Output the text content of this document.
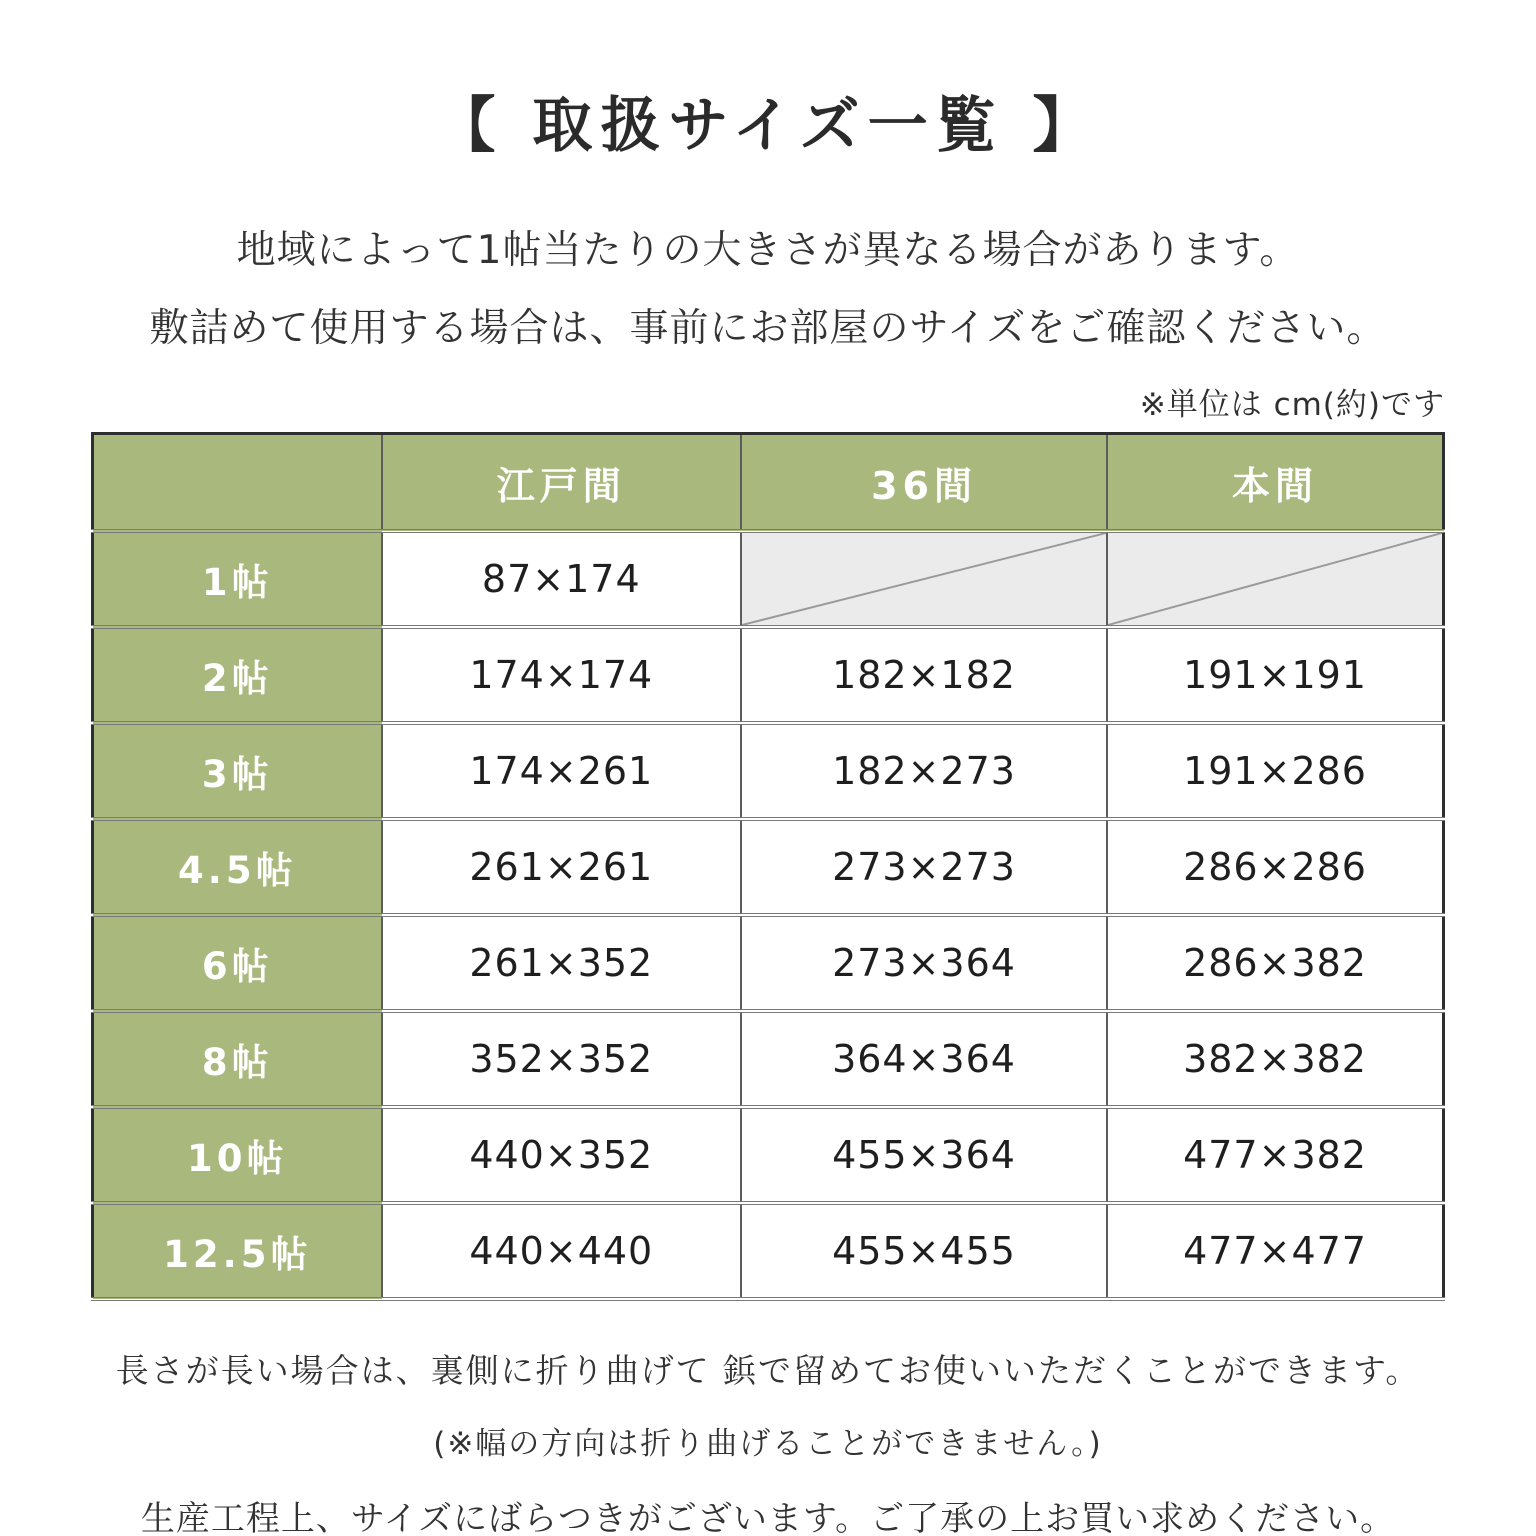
【 取扱サイズ一覧 】
地域によって1帖当たりの大きさが異なる場合があります。
敷詰めて使用する場合は、事前にお部屋のサイズをご確認ください。
※単位は cm(約)です
	江戸間	36間	本間
1帖	87×174	

2帖	174×174	182×182	191×191
3帖	174×261	182×273	191×286
4.5帖	261×261	273×273	286×286
6帖	261×352	273×364	286×382
8帖	352×352	364×364	382×382
10帖	440×352	455×364	477×382
12.5帖	440×440	455×455	477×477
長さが長い場合は、裏側に折り曲げて 鋲で留めてお使いいただくことができます。
(※幅の方向は折り曲げることができません。)
生産工程上、サイズにばらつきがございます。ご了承の上お買い求めください。
